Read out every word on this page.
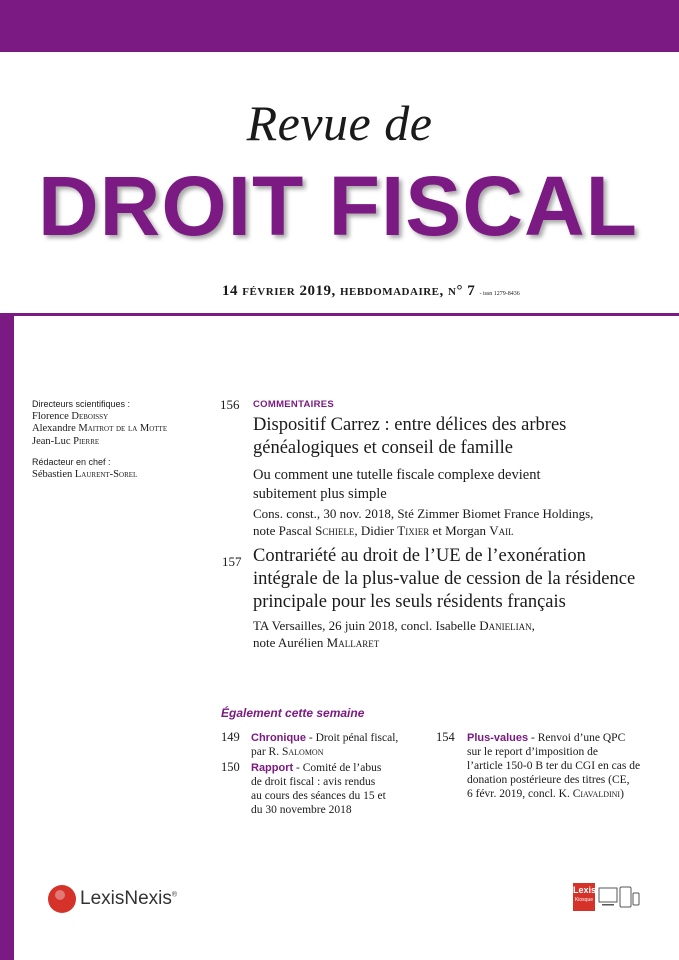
Revue de
DROIT FISCAL
14 février 2019, hebdomadaire, n° 7 - issn 1279-8436
Directeurs scientifiques :
Florence Deboissy
Alexandre Maitrot de la Motte
Jean-Luc Pierre
Rédacteur en chef :
Sébastien Laurent-Sorel
156 COMMENTAIRES
Dispositif Carrez : entre délices des arbres
généalogiques et conseil de famille
Ou comment une tutelle fiscale complexe devient
subitement plus simple
Cons. const., 30 nov. 2018, Sté Zimmer Biomet France Holdings,
note Pascal Schiele, Didier Tixier et Morgan Vail
157 Contrariété au droit de l’UE de l’exonération
intégrale de la plus-value de cession de la résidence
principale pour les seuls résidents français
TA Versailles, 26 juin 2018, concl. Isabelle Danielian,
note Aurélien Mallaret
Également cette semaine
149 Chronique - Droit pénal fiscal,
par R. Salomon
150 Rapport - Comité de l’abus
de droit fiscal : avis rendus
au cours des séances du 15 et
du 30 novembre 2018
154 Plus-values - Renvoi d’une QPC
sur le report d’imposition de
l’article 150-0 B ter du CGI en cas de
donation postérieure des titres (CE,
6 févr. 2019, concl. K. Ciavaldini)
LexisNexis®
Lexis
Kiosque
